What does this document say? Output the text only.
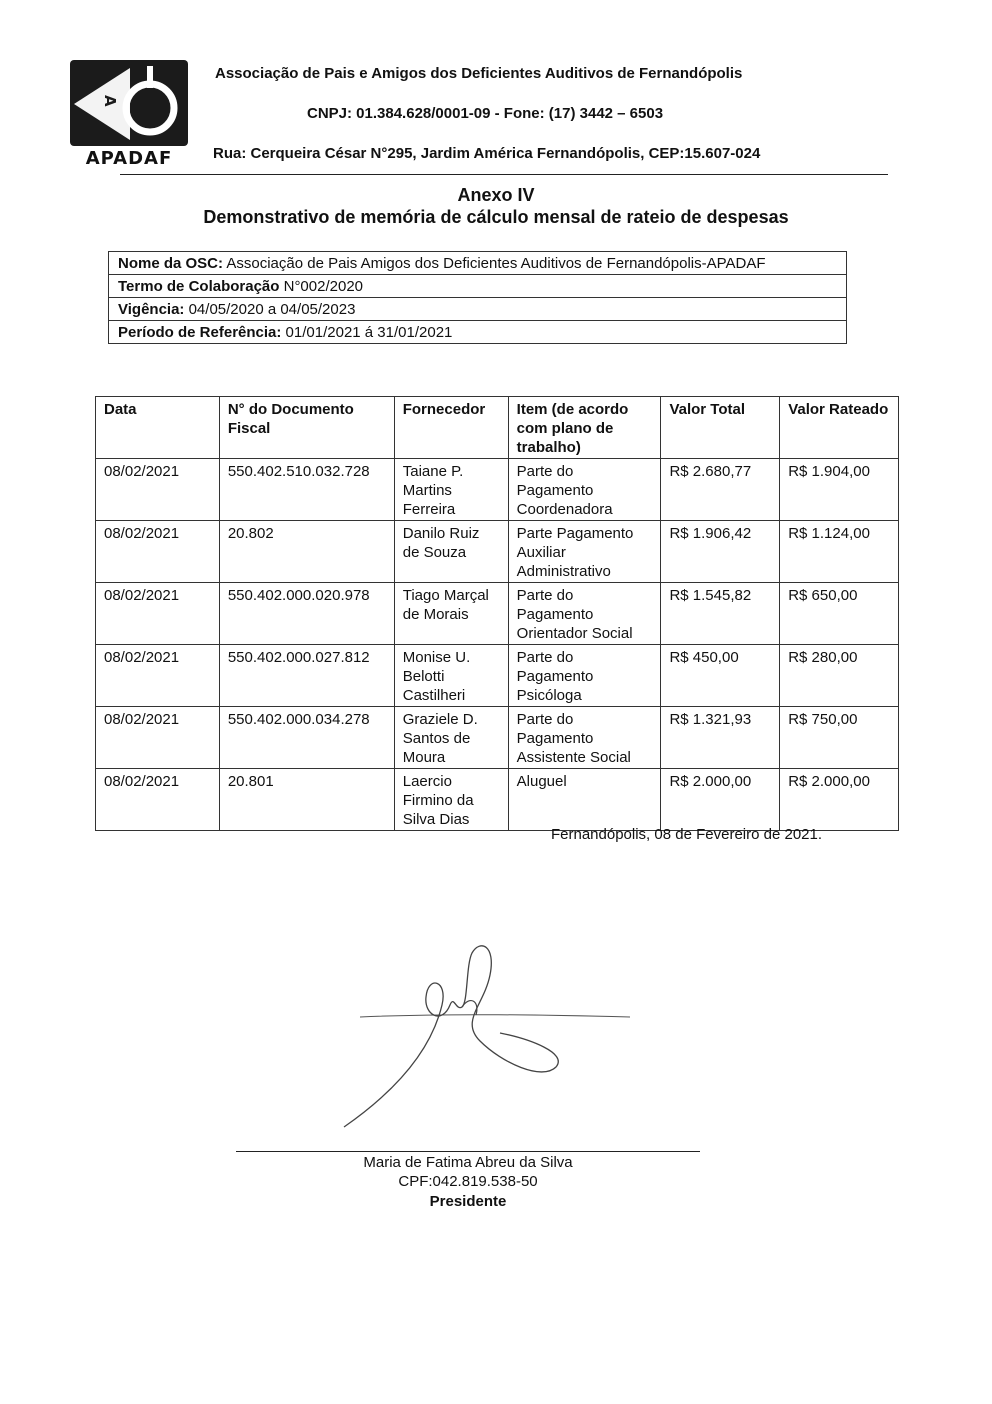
A
APADAF
Associação de Pais e Amigos dos Deficientes Auditivos de Fernandópolis
CNPJ: 01.384.628/0001-09 - Fone: (17) 3442 – 6503
Rua: Cerqueira César N°295, Jardim América Fernandópolis, CEP:15.607-024
Anexo IV
Demonstrativo de memória de cálculo mensal de rateio de despesas
Nome da OSC: Associação de Pais Amigos dos Deficientes Auditivos de Fernandópolis-APADAF
Termo de Colaboração N°002/2020
Vigência: 04/05/2020 a 04/05/2023
Período de Referência: 01/01/2021 á 31/01/2021
Data	N° do Documento Fiscal	Fornecedor	Item (de acordo com plano de trabalho)	Valor Total	Valor Rateado
08/02/2021	550.402.510.032.728	Taiane P. Martins Ferreira	Parte do Pagamento Coordenadora	R$ 2.680,77	R$ 1.904,00
08/02/2021	20.802	Danilo Ruiz de Souza	Parte Pagamento Auxiliar Administrativo	R$ 1.906,42	R$ 1.124,00
08/02/2021	550.402.000.020.978	Tiago Marçal de Morais	Parte do Pagamento Orientador Social	R$ 1.545,82	R$ 650,00
08/02/2021	550.402.000.027.812	Monise U. Belotti Castilheri	Parte do Pagamento Psicóloga	R$ 450,00	R$ 280,00
08/02/2021	550.402.000.034.278	Graziele D. Santos de Moura	Parte do Pagamento Assistente Social	R$ 1.321,93	R$ 750,00
08/02/2021	20.801	Laercio Firmino da Silva Dias	Aluguel	R$ 2.000,00	R$ 2.000,00
Fernandópolis, 08 de Fevereiro de 2021.
Maria de Fatima Abreu da Silva
CPF:042.819.538-50
Presidente
